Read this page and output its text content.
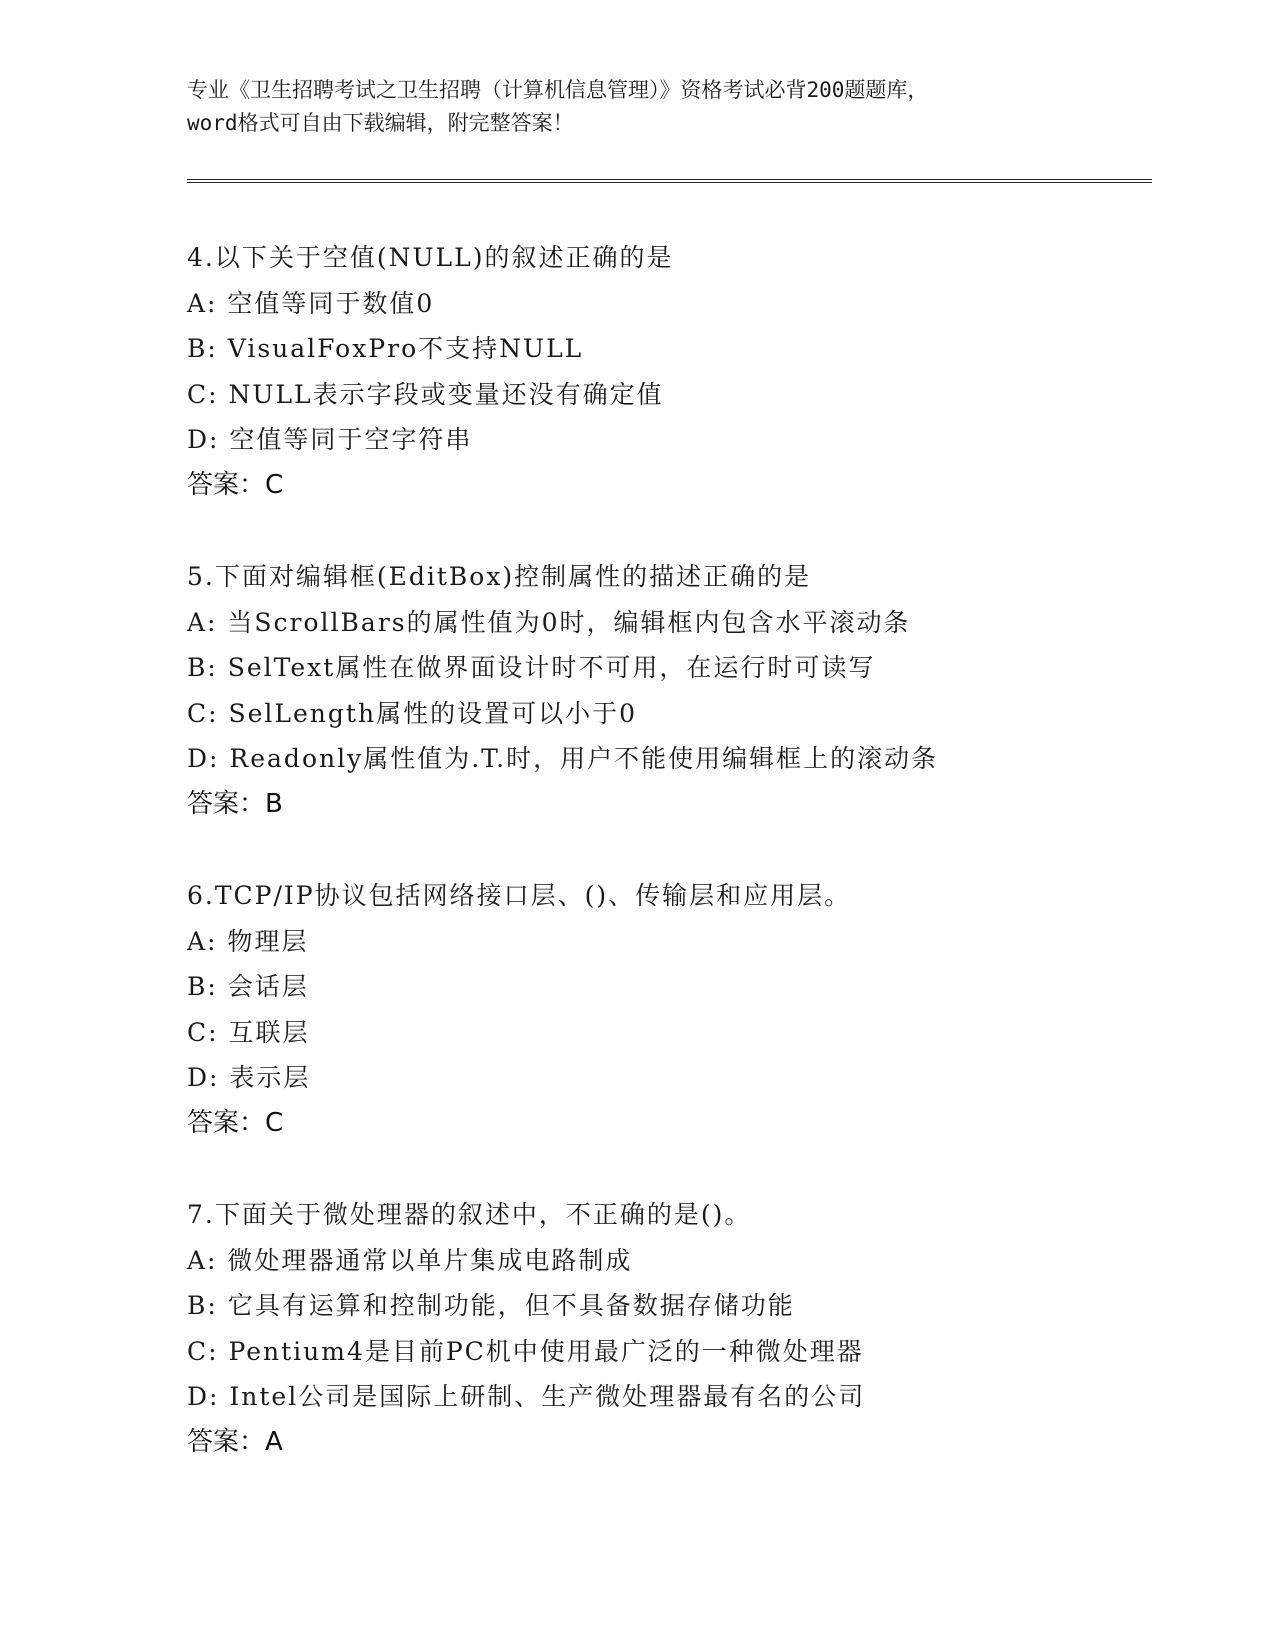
专业《卫生招聘考试之卫生招聘（计算机信息管理）》资格考试必背200题题库，
word格式可自由下载编辑，附完整答案！
4.以下关于空值(NULL)的叙述正确的是
A: 空值等同于数值0
B: VisualFoxPro不支持NULL
C: NULL表示字段或变量还没有确定值
D: 空值等同于空字符串
答案：C
5.下面对编辑框(EditBox)控制属性的描述正确的是
A: 当ScrollBars的属性值为0时，编辑框内包含水平滚动条
B: SelText属性在做界面设计时不可用，在运行时可读写
C: SelLength属性的设置可以小于0
D: Readonly属性值为.T.时，用户不能使用编辑框上的滚动条
答案：B
6.TCP/IP协议包括网络接口层、()、传输层和应用层。
A: 物理层
B: 会话层
C: 互联层
D: 表示层
答案：C
7.下面关于微处理器的叙述中，不正确的是()。
A: 微处理器通常以单片集成电路制成
B: 它具有运算和控制功能，但不具备数据存储功能
C: Pentium4是目前PC机中使用最广泛的一种微处理器
D: Intel公司是国际上研制、生产微处理器最有名的公司
答案：A
